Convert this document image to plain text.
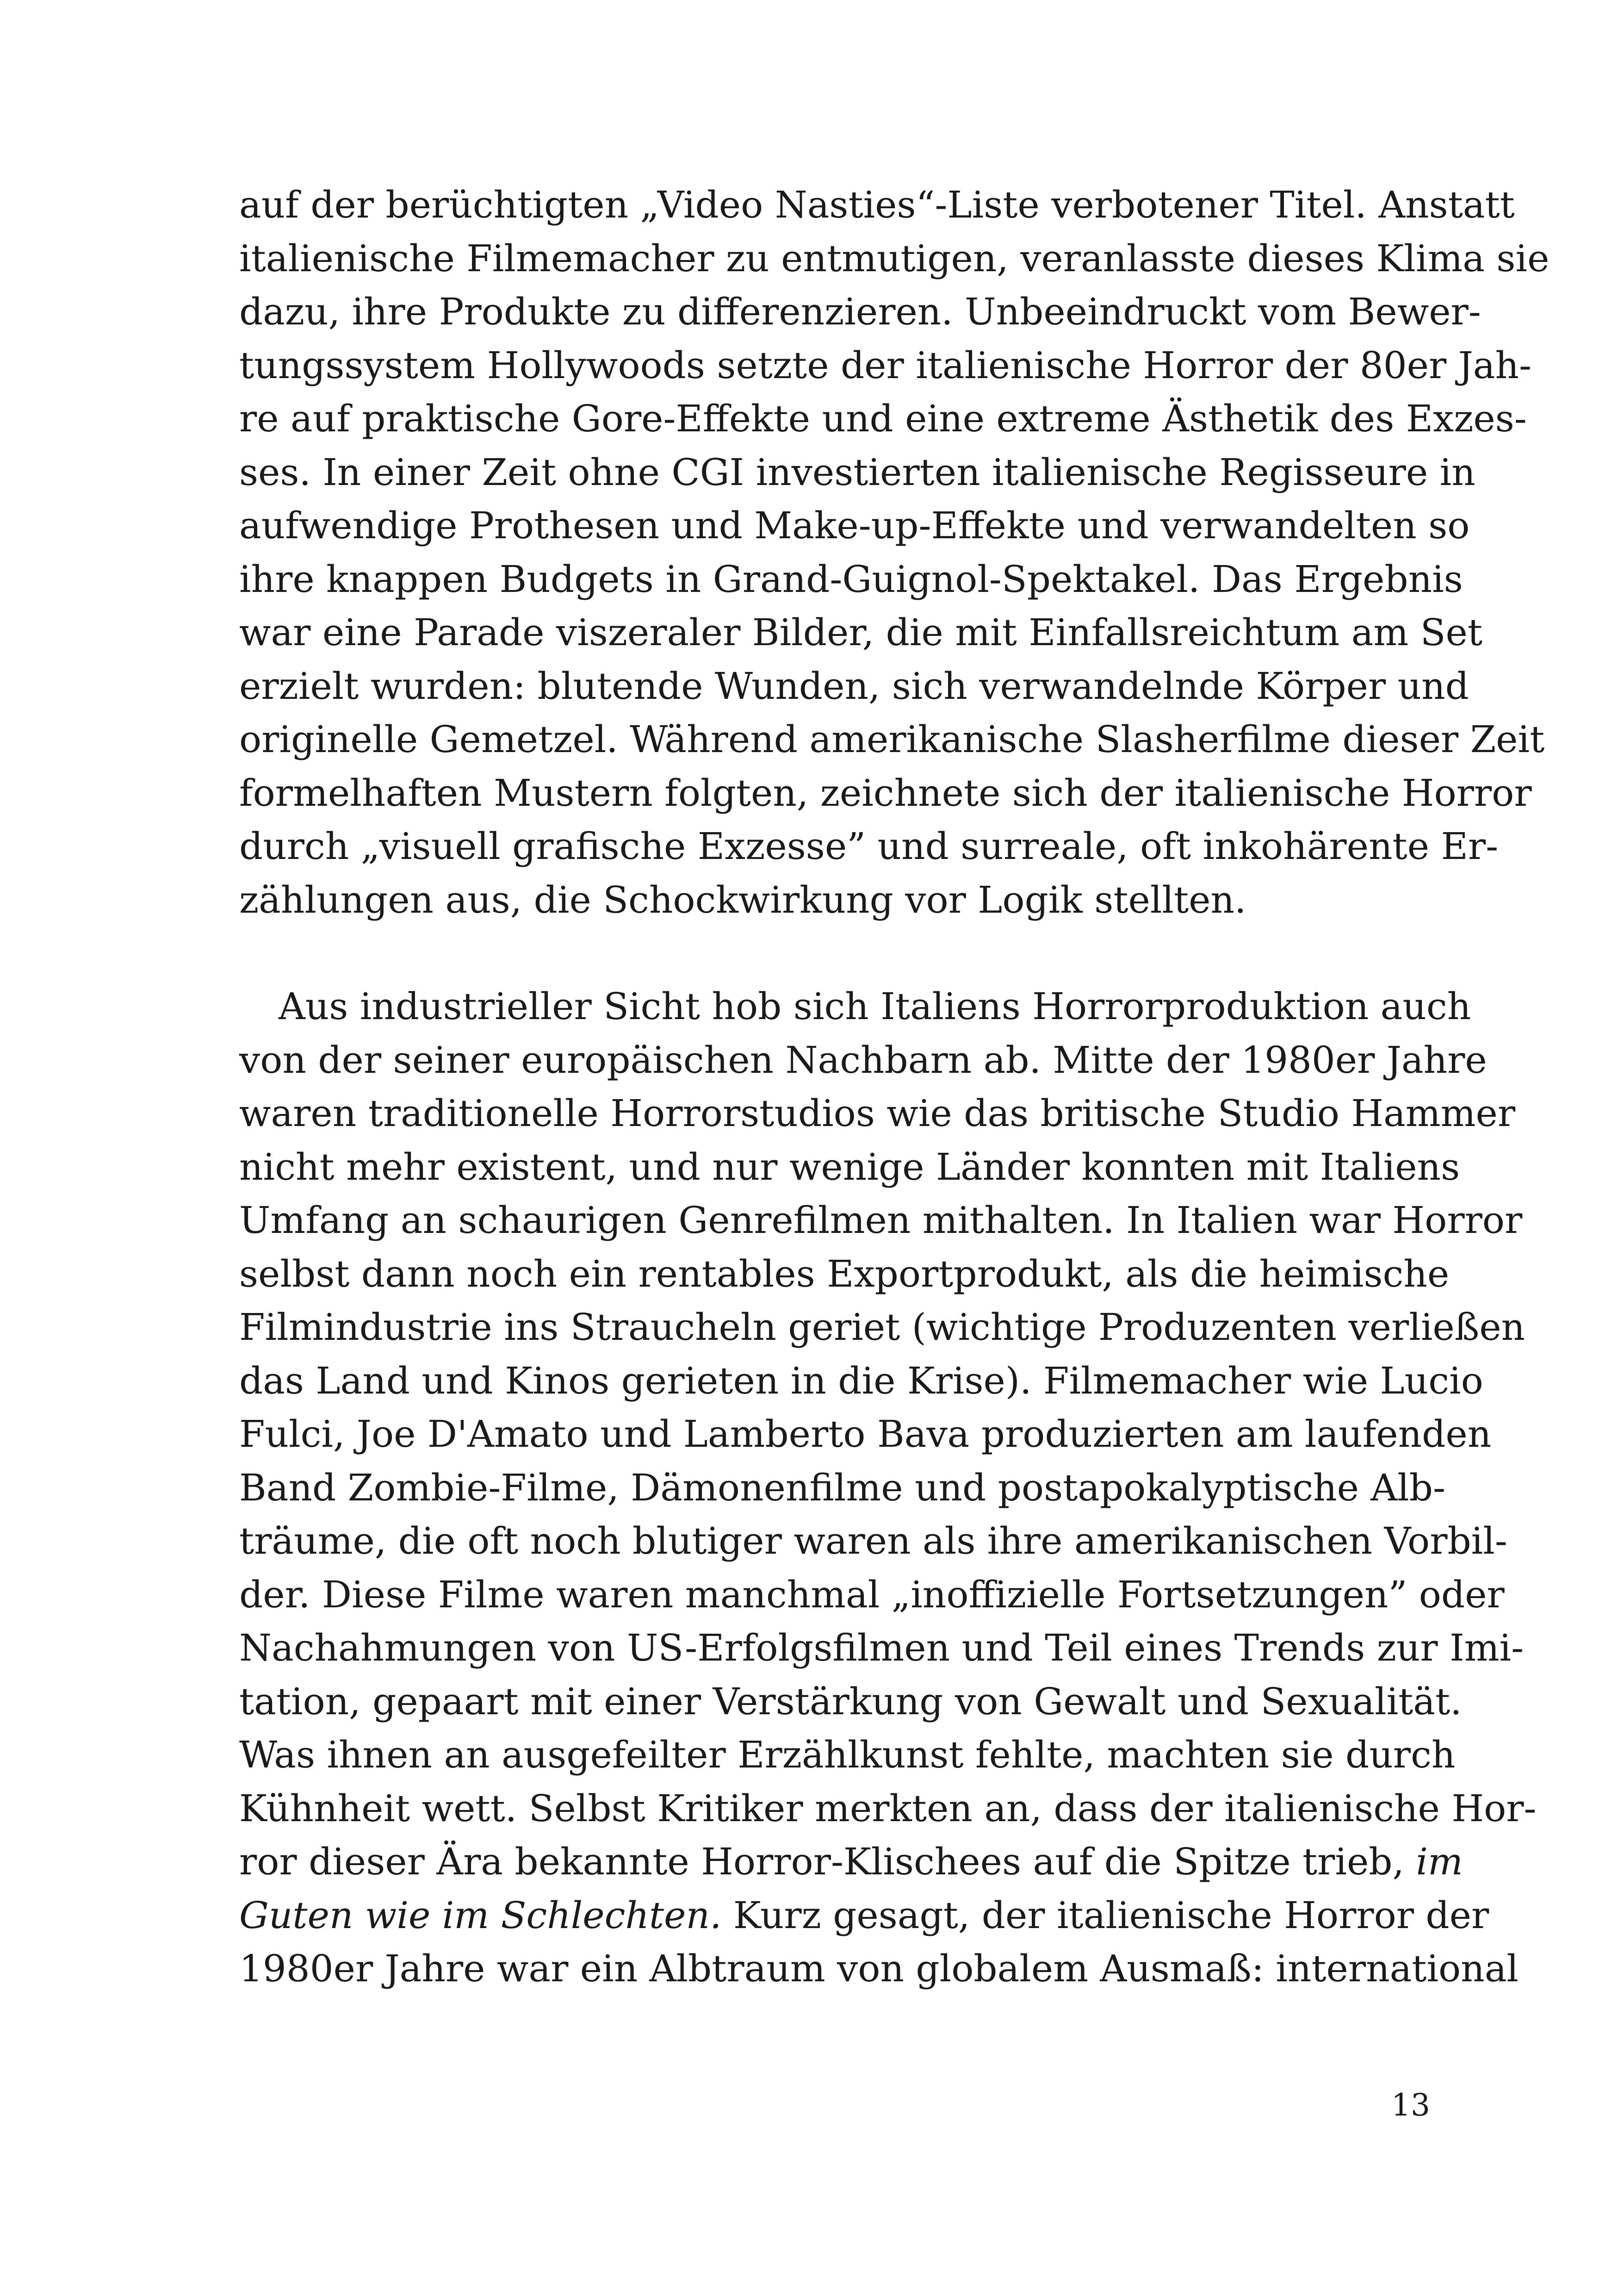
auf der berüchtigten „Video Nasties“-Liste verbotener Titel. Anstatt
italienische Filmemacher zu entmutigen, veranlasste dieses Klima sie
dazu, ihre Produkte zu differenzieren. Unbeeindruckt vom Bewer-
tungssystem Hollywoods setzte der italienische Horror der 80er Jah-
re auf praktische Gore-Effekte und eine extreme Ästhetik des Exzes-
ses. In einer Zeit ohne CGI investierten italienische Regisseure in
aufwendige Prothesen und Make-up-Effekte und verwandelten so
ihre knappen Budgets in Grand-Guignol-Spektakel. Das Ergebnis
war eine Parade viszeraler Bilder, die mit Einfallsreichtum am Set
erzielt wurden: blutende Wunden, sich verwandelnde Körper und
originelle Gemetzel. Während amerikanische Slasherfilme dieser Zeit
formelhaften Mustern folgten, zeichnete sich der italienische Horror
durch „visuell grafische Exzesse” und surreale, oft inkohärente Er-
zählungen aus, die Schockwirkung vor Logik stellten.

Aus industrieller Sicht hob sich Italiens Horrorproduktion auch
von der seiner europäischen Nachbarn ab. Mitte der 1980er Jahre
waren traditionelle Horrorstudios wie das britische Studio Hammer
nicht mehr existent, und nur wenige Länder konnten mit Italiens
Umfang an schaurigen Genrefilmen mithalten. In Italien war Horror
selbst dann noch ein rentables Exportprodukt, als die heimische
Filmindustrie ins Straucheln geriet (wichtige Produzenten verließen
das Land und Kinos gerieten in die Krise). Filmemacher wie Lucio
Fulci, Joe D'Amato und Lamberto Bava produzierten am laufenden
Band Zombie-Filme, Dämonenfilme und postapokalyptische Alb-
träume, die oft noch blutiger waren als ihre amerikanischen Vorbil-
der. Diese Filme waren manchmal „inoffizielle Fortsetzungen” oder
Nachahmungen von US-Erfolgsfilmen und Teil eines Trends zur Imi-
tation, gepaart mit einer Verstärkung von Gewalt und Sexualität.
Was ihnen an ausgefeilter Erzählkunst fehlte, machten sie durch
Kühnheit wett. Selbst Kritiker merkten an, dass der italienische Hor-
ror dieser Ära bekannte Horror-Klischees auf die Spitze trieb, im
Guten wie im Schlechten. Kurz gesagt, der italienische Horror der
1980er Jahre war ein Albtraum von globalem Ausmaß: international

13
